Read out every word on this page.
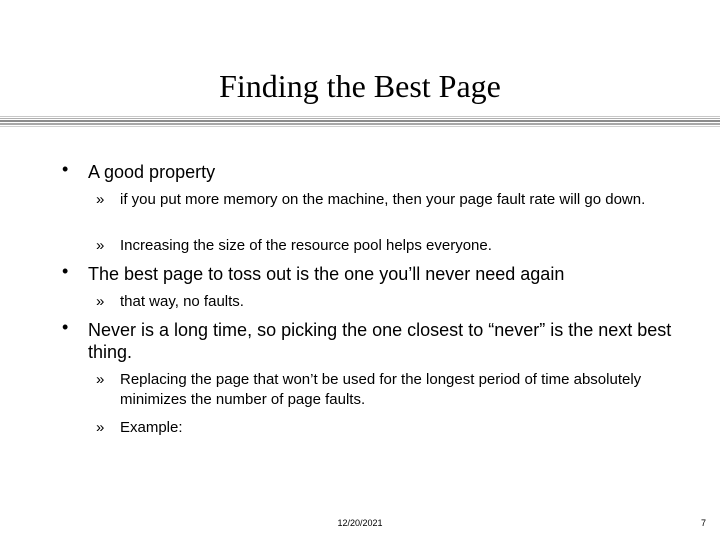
Finding the Best Page
• A good property
» if you put more memory on the machine, then your page fault rate will go down.
» Increasing the size of the resource pool helps everyone.
• The best page to toss out is the one you’ll never need again
» that way, no faults.
• Never is a long time, so picking the one closest to “never” is the next best thing.
» Replacing the page that won’t be used for the longest period of time absolutely minimizes the number of page faults.
» Example:
12/20/2021	7
